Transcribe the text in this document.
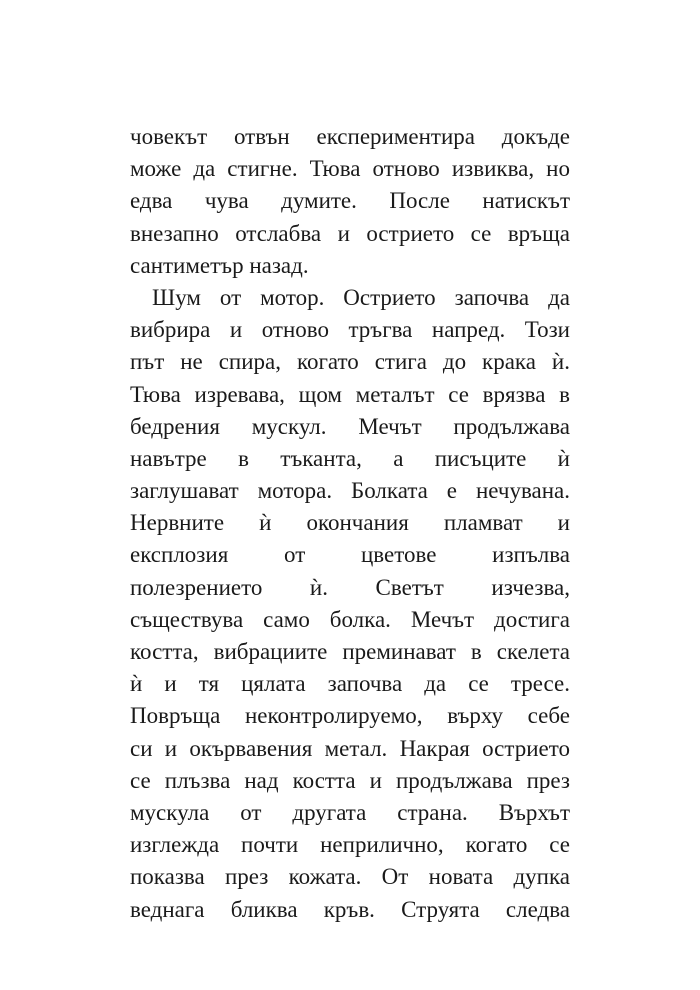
човекът отвън експериментира докъде
може да стигне. Тюва отново извиква, но
едва чува думите. После натискът
внезапно отслабва и острието се връща
сантиметър назад.
Шум от мотор. Острието започва да
вибрира и отново тръгва напред. Този
път не спира, когато стига до крака ѝ.
Тюва изревава, щом металът се врязва в
бедрения мускул. Мечът продължава
навътре в тъканта, а писъците ѝ
заглушават мотора. Болката е нечувана.
Нервните ѝ окончания пламват и
експлозия от цветове изпълва
полезрението ѝ. Светът изчезва,
съществува само болка. Мечът достига
костта, вибрациите преминават в скелета
ѝ и тя цялата започва да се тресе.
Повръща неконтролируемо, върху себе
си и окървавения метал. Накрая острието
се плъзва над костта и продължава през
мускула от другата страна. Върхът
изглежда почти неприлично, когато се
показва през кожата. От новата дупка
веднага бликва кръв. Струята следва
